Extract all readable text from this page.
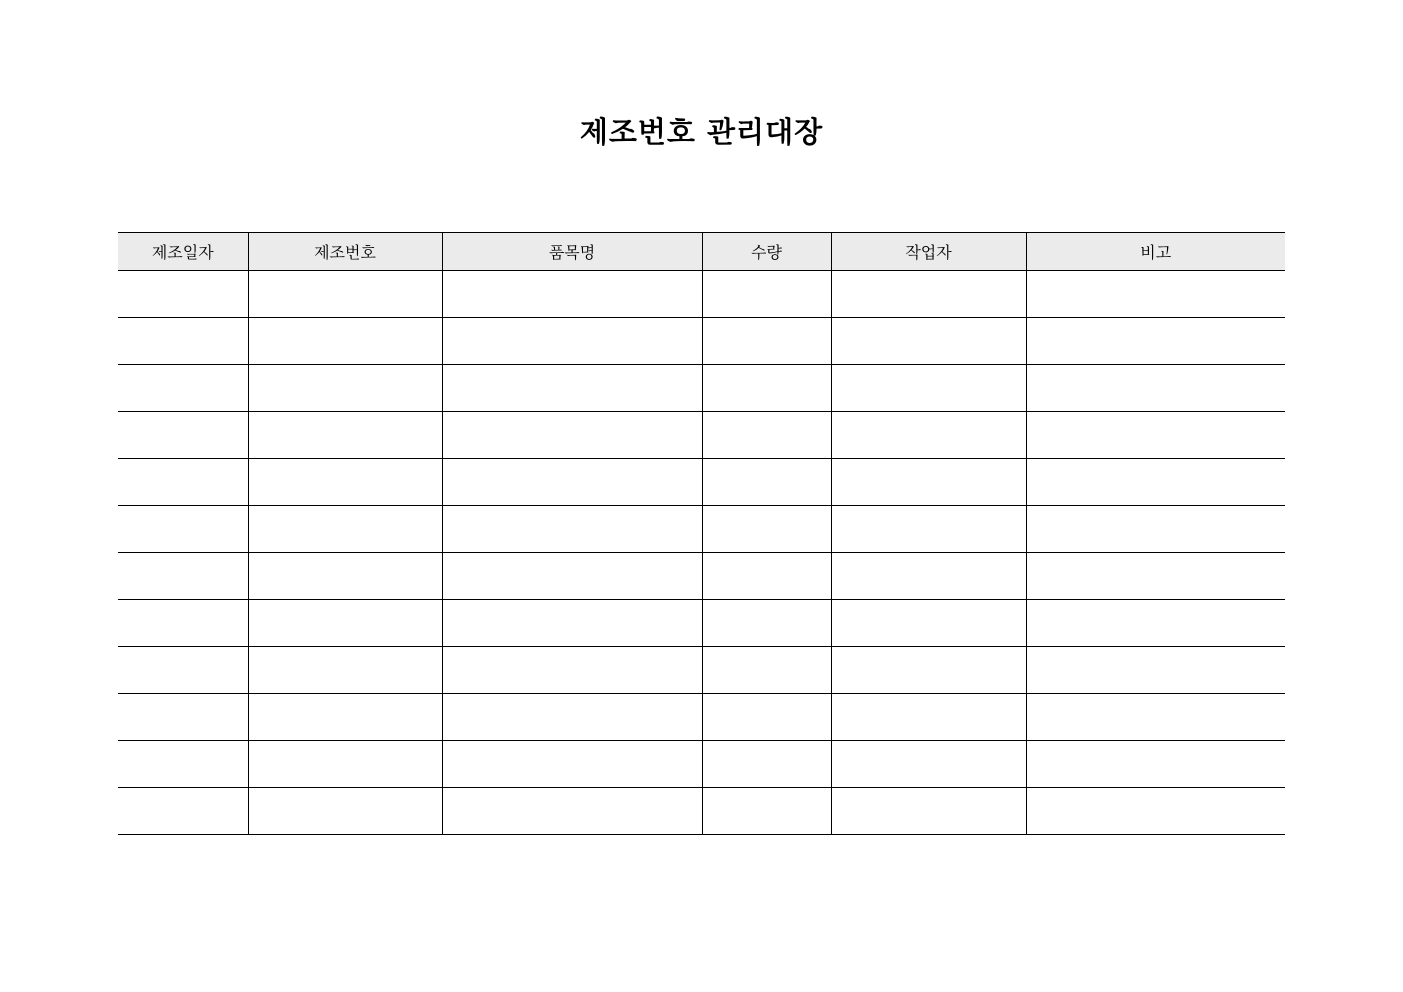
제조번호 관리대장
제조일자	제조번호	품목명	수량	작업자	비고
